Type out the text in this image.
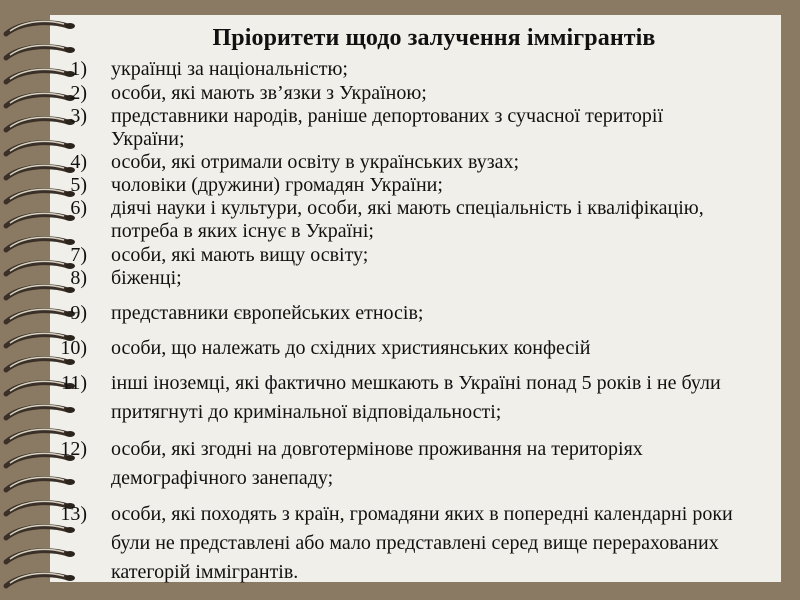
Пріоритети щодо залучення іммігрантів
1) українці за національністю;
2) особи, які мають зв’язки з Україною;
3) представники народів, раніше депортованих з сучасної території України;
4) особи, які отримали освіту в українських вузах;
5) чоловіки (дружини) громадян України;
6) діячі науки і культури, особи, які мають спеціальність і кваліфікацію, потреба в яких існує в Україні;
7) особи, які мають вищу освіту;
8) біженці;
9) представники європейських етносів;
10) особи, що належать до східних християнських конфесій
11) інші іноземці, які фактично мешкають в Україні понад 5 років і не були притягнуті до кримінальної відповідальності;
12) особи, які згодні на довготермінове проживання на територіях демографічного занепаду;
13) особи, які походять з країн, громадяни яких в попередні календарні роки були не представлені або мало представлені серед вище перерахованих категорій іммігрантів.
